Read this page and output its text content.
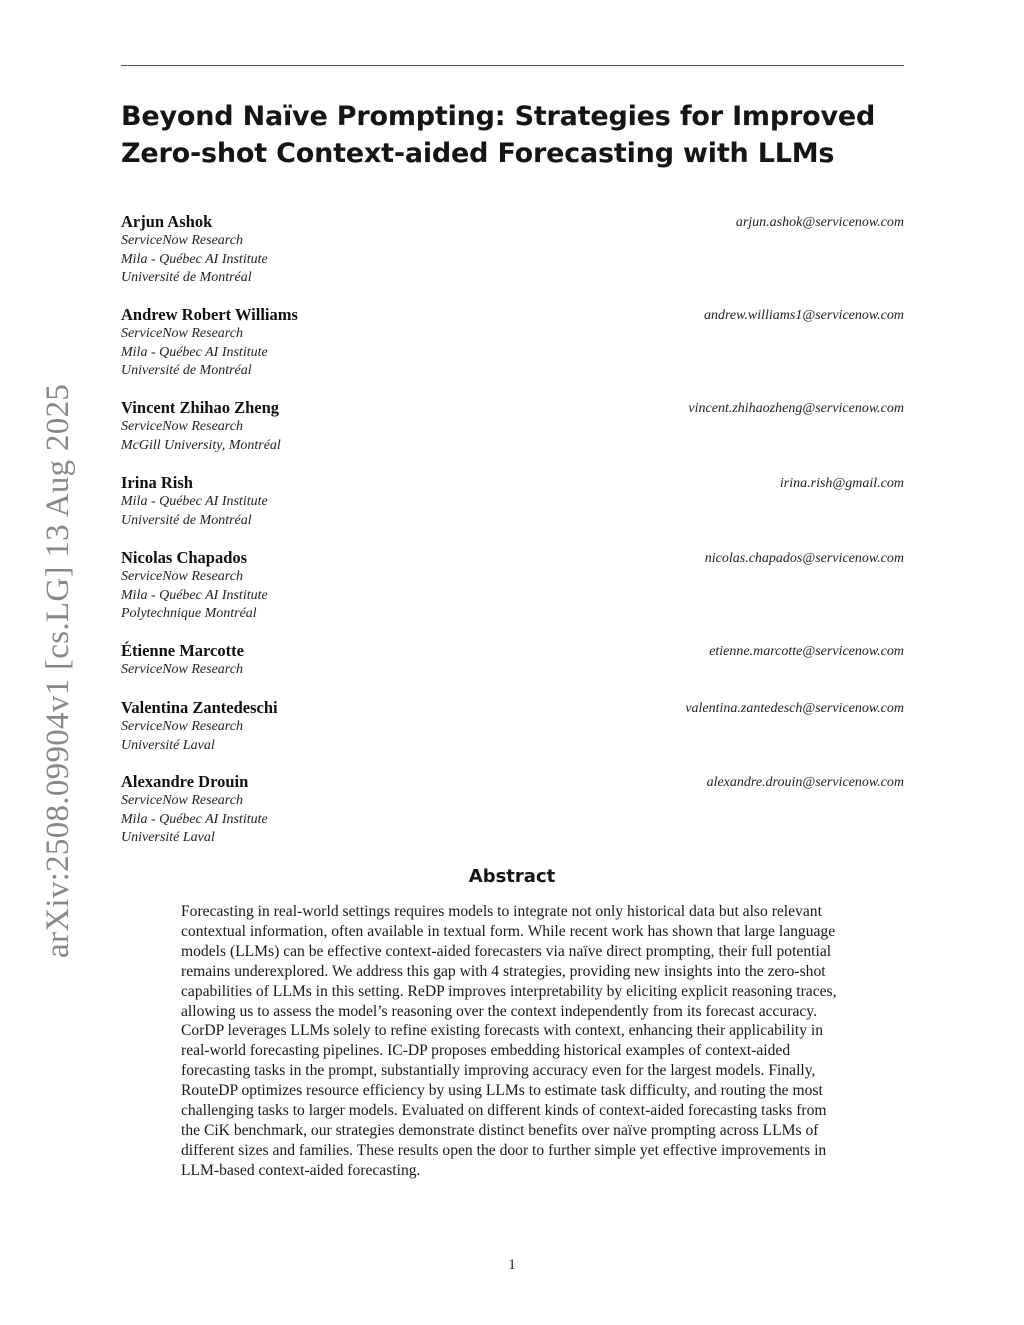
arXiv:2508.09904v1 [cs.LG] 13 Aug 2025
Beyond Naïve Prompting: Strategies for Improved Zero-shot Context-aided Forecasting with LLMs
Arjun Ashok	arjun.ashok@servicenow.com
ServiceNow Research
Mila - Québec AI Institute
Université de Montréal
Andrew Robert Williams	andrew.williams1@servicenow.com
ServiceNow Research
Mila - Québec AI Institute
Université de Montréal
Vincent Zhihao Zheng	vincent.zhihaozheng@servicenow.com
ServiceNow Research
McGill University, Montréal
Irina Rish	irina.rish@gmail.com
Mila - Québec AI Institute
Université de Montréal
Nicolas Chapados	nicolas.chapados@servicenow.com
ServiceNow Research
Mila - Québec AI Institute
Polytechnique Montréal
Étienne Marcotte	etienne.marcotte@servicenow.com
ServiceNow Research
Valentina Zantedeschi	valentina.zantedesch@servicenow.com
ServiceNow Research
Université Laval
Alexandre Drouin	alexandre.drouin@servicenow.com
ServiceNow Research
Mila - Québec AI Institute
Université Laval
Abstract

Forecasting in real-world settings requires models to integrate not only historical data but also relevant contextual information, often available in textual form. While recent work has shown that large language models (LLMs) can be effective context-aided forecasters via naïve direct prompting, their full potential remains underexplored. We address this gap with 4 strategies, providing new insights into the zero-shot capabilities of LLMs in this setting. ReDP improves interpretability by eliciting explicit reasoning traces, allowing us to assess the model’s reasoning over the context independently from its forecast accuracy. CorDP leverages LLMs solely to refine existing forecasts with context, enhancing their applicability in real-world forecasting pipelines. IC-DP proposes embedding historical examples of context-aided forecasting tasks in the prompt, substantially improving accuracy even for the largest models. Finally, RouteDP optimizes resource efficiency by using LLMs to estimate task difficulty, and routing the most challenging tasks to larger models. Evaluated on different kinds of context-aided forecasting tasks from the CiK benchmark, our strategies demonstrate distinct benefits over naïve prompting across LLMs of different sizes and families. These results open the door to further simple yet effective improvements in LLM-based context-aided forecasting.

1
